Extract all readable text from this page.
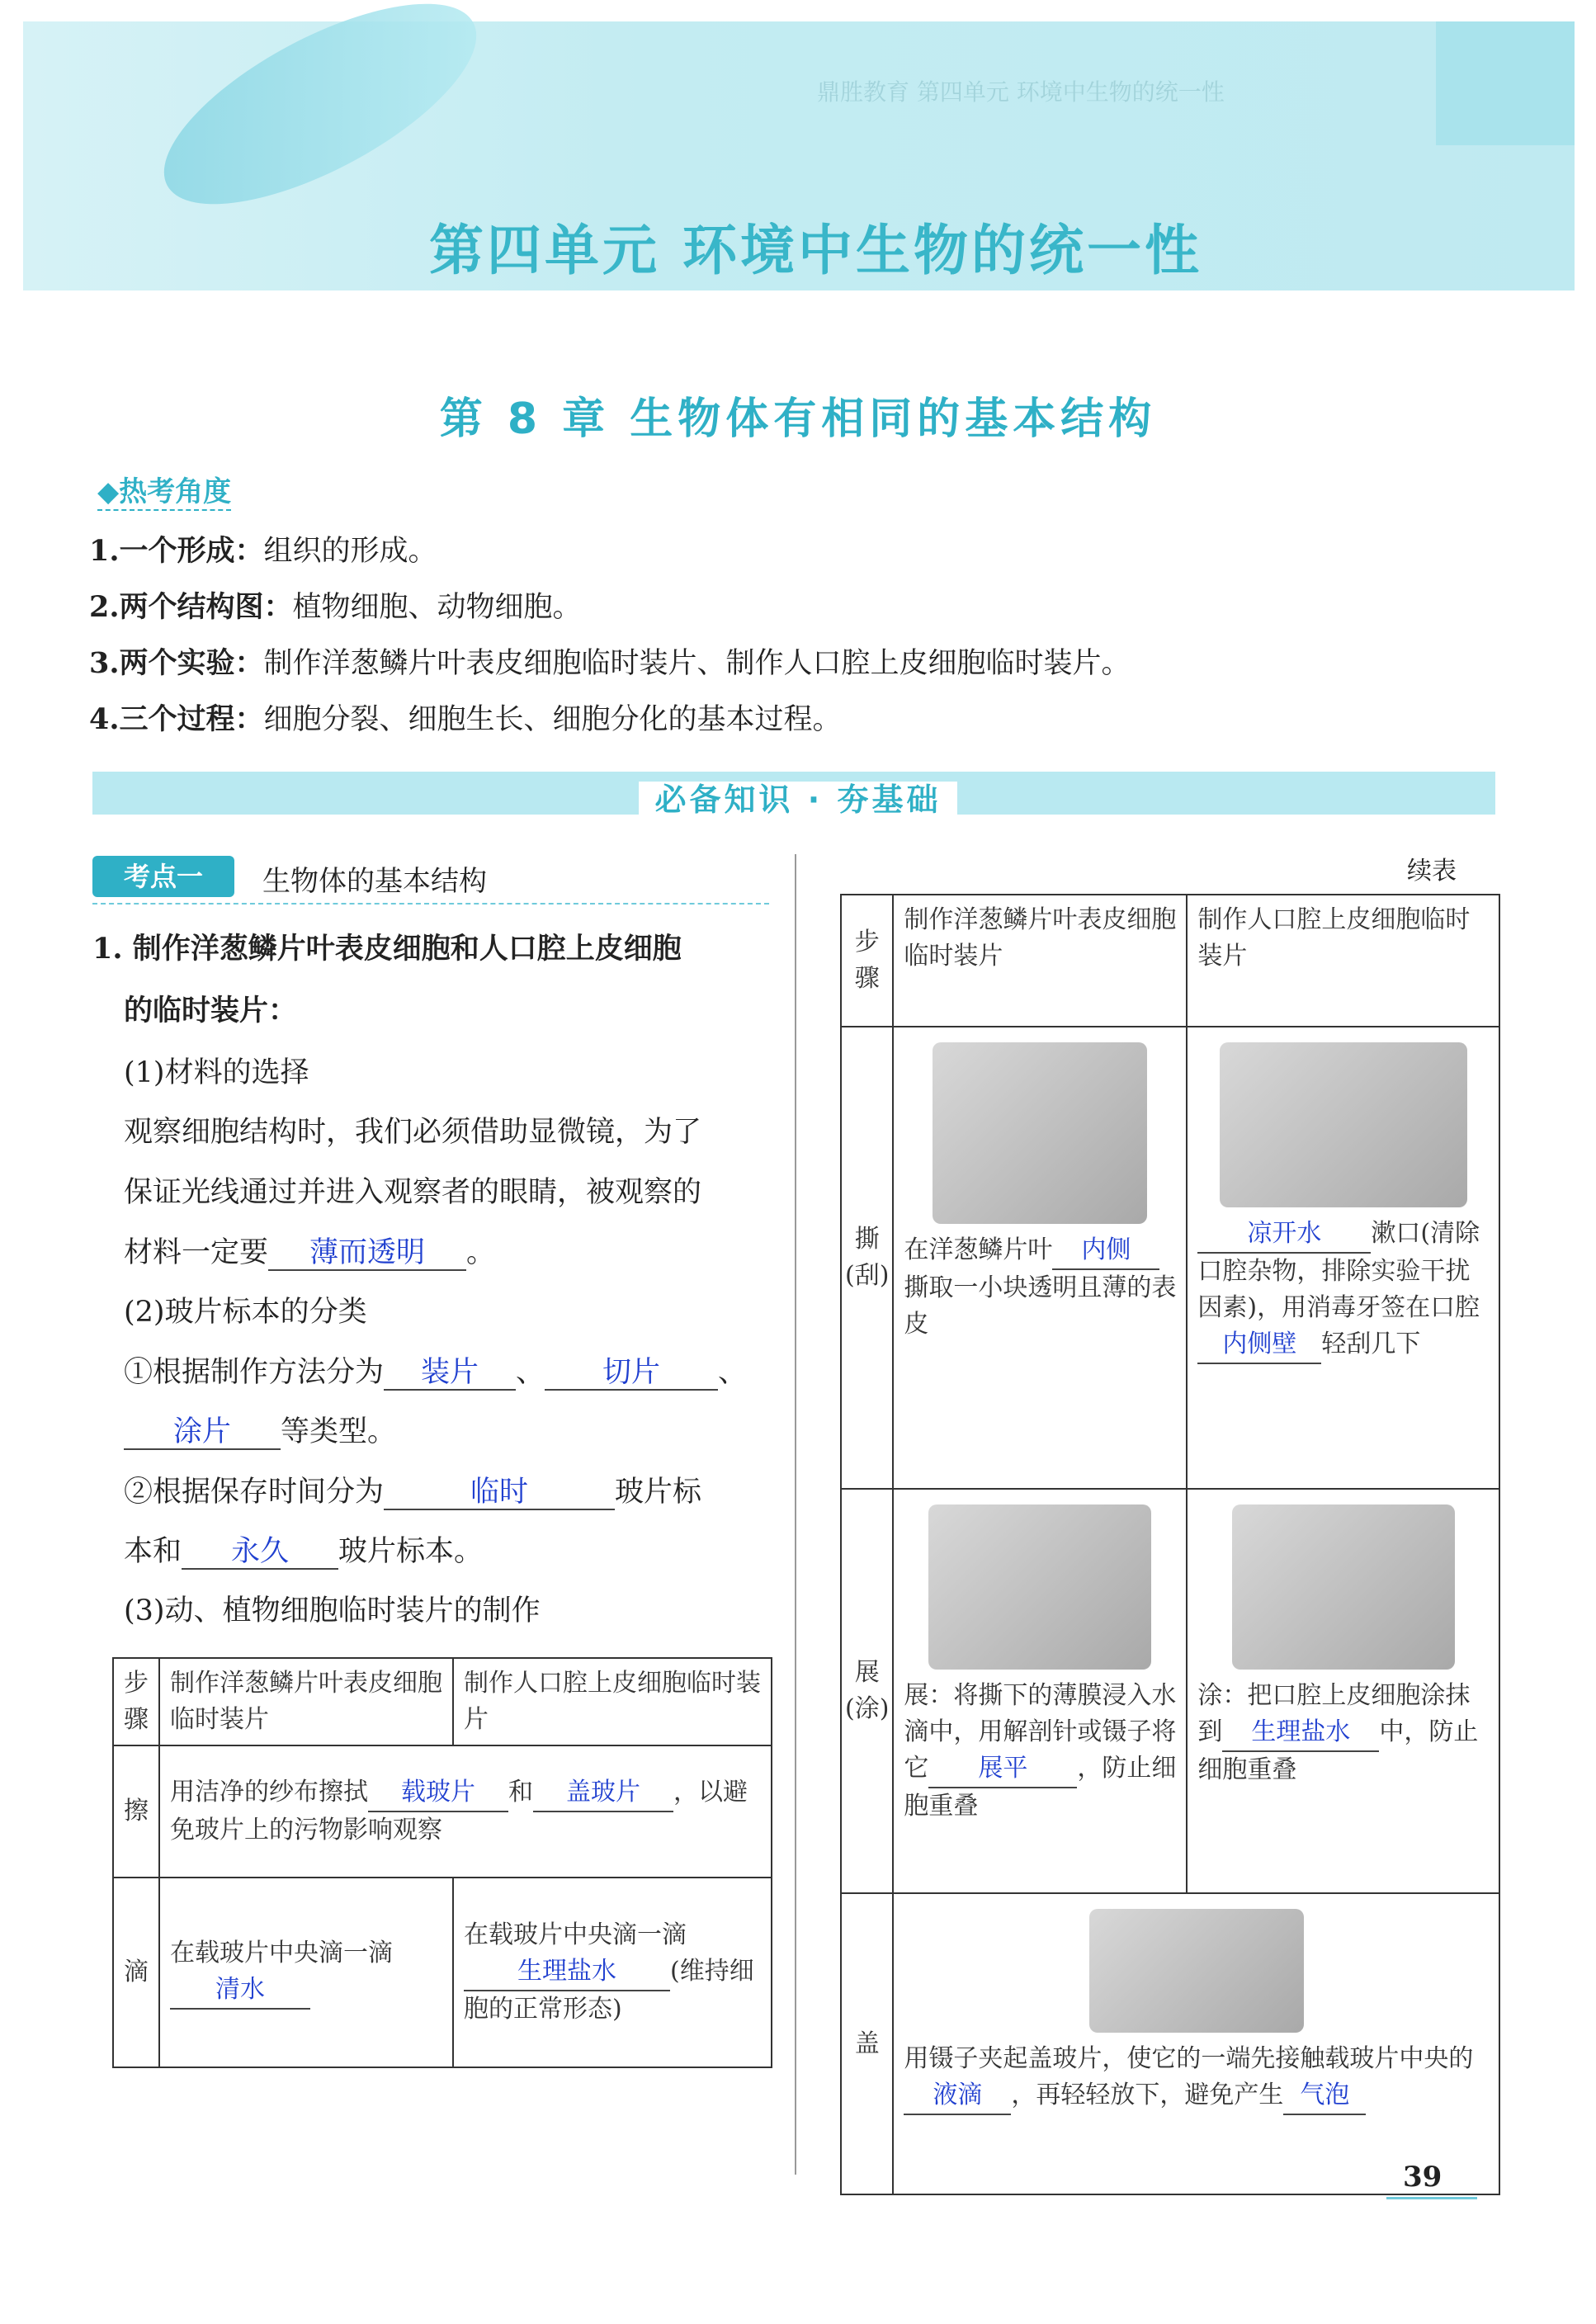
鼎胜教育 第四单元 环境中生物的统一性
第四单元 环境中生物的统一性
第 8 章 生物体有相同的基本结构
◆热考角度
1.一个形成：组织的形成。
2.两个结构图：植物细胞、动物细胞。
3.两个实验：制作洋葱鳞片叶表皮细胞临时装片、制作人口腔上皮细胞临时装片。
4.三个过程：细胞分裂、细胞生长、细胞分化的基本过程。
必备知识 · 夯基础
考点一	生物体的基本结构
1. 制作洋葱鳞片叶表皮细胞和人口腔上皮细胞
的临时装片：
(1)材料的选择
观察细胞结构时，我们必须借助显微镜，为了
保证光线通过并进入观察者的眼睛，被观察的
材料一定要 薄而透明 。
(2)玻片标本的分类
①根据制作方法分为 装片 、 切片 、
涂片 等类型。
②根据保存时间分为	临时	玻片标
本和 永久 玻片标本。
(3)动、植物细胞临时装片的制作
步骤	制作洋葱鳞片叶表皮细胞临时装片	制作人口腔上皮细胞临时装片
擦	用洁净的纱布擦拭 载玻片 和 盖玻片 ，以避免玻片上的污物影响观察	
滴	在载玻片中央滴一滴清水	在载玻片中央滴一滴生理盐水 (维持细胞的正常形态)
续表
步骤	制作洋葱鳞片叶表皮细胞临时装片	制作人口腔上皮细胞临时装片
撕(刮)	在洋葱鳞片叶 内侧撕取一小块透明且薄的表皮	凉开水 漱口(清除口腔杂物，排除实验干扰因素)，用消毒牙签在口腔内侧壁 轻刮几下
展(涂)	展：将撕下的薄膜浸入水滴中，用解剖针或镊子将它 展平 ，防止细胞重叠	涂：把口腔上皮细胞涂抹到 生理盐水 中，防止细胞重叠
盖	用镊子夹起盖玻片，使它的一端先接触载玻片中央的液滴 ，再轻轻放下，避免产生 气泡	
39
